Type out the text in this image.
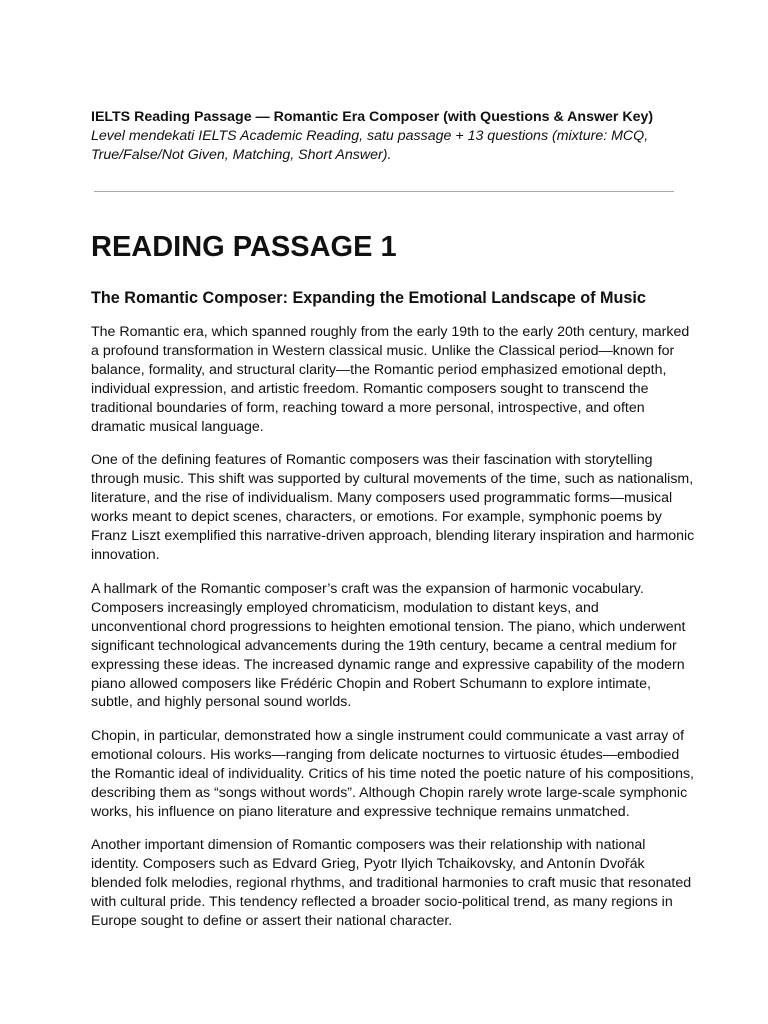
IELTS Reading Passage — Romantic Era Composer (with Questions & Answer Key)

Level mendekati IELTS Academic Reading, satu passage + 13 questions (mixture: MCQ,
True/False/Not Given, Matching, Short Answer).

READING PASSAGE 1
The Romantic Composer: Expanding the Emotional Landscape of Music

The Romantic era, which spanned roughly from the early 19th to the early 20th century, marked
a profound transformation in Western classical music. Unlike the Classical period—known for
balance, formality, and structural clarity—the Romantic period emphasized emotional depth,
individual expression, and artistic freedom. Romantic composers sought to transcend the
traditional boundaries of form, reaching toward a more personal, introspective, and often
dramatic musical language.

One of the defining features of Romantic composers was their fascination with storytelling
through music. This shift was supported by cultural movements of the time, such as nationalism,
literature, and the rise of individualism. Many composers used programmatic forms—musical
works meant to depict scenes, characters, or emotions. For example, symphonic poems by
Franz Liszt exemplified this narrative-driven approach, blending literary inspiration and harmonic
innovation.

A hallmark of the Romantic composer’s craft was the expansion of harmonic vocabulary.
Composers increasingly employed chromaticism, modulation to distant keys, and
unconventional chord progressions to heighten emotional tension. The piano, which underwent
significant technological advancements during the 19th century, became a central medium for
expressing these ideas. The increased dynamic range and expressive capability of the modern
piano allowed composers like Frédéric Chopin and Robert Schumann to explore intimate,
subtle, and highly personal sound worlds.

Chopin, in particular, demonstrated how a single instrument could communicate a vast array of
emotional colours. His works—ranging from delicate nocturnes to virtuosic études—embodied
the Romantic ideal of individuality. Critics of his time noted the poetic nature of his compositions,
describing them as “songs without words”. Although Chopin rarely wrote large-scale symphonic
works, his influence on piano literature and expressive technique remains unmatched.

Another important dimension of Romantic composers was their relationship with national
identity. Composers such as Edvard Grieg, Pyotr Ilyich Tchaikovsky, and Antonín Dvořák
blended folk melodies, regional rhythms, and traditional harmonies to craft music that resonated
with cultural pride. This tendency reflected a broader socio-political trend, as many regions in
Europe sought to define or assert their national character.
